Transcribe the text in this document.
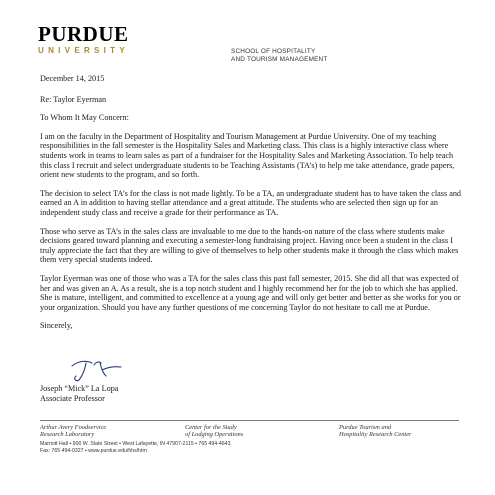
PURDUE
UNIVERSITY	SCHOOL OF HOSPITALITY
AND TOURISM MANAGEMENT

December 14, 2015

Re: Taylor Eyerman

To Whom It May Concern:

I am on the faculty in the Department of Hospitality and Tourism Management at Purdue University. One of my teaching responsibilities in the fall semester is the Hospitality Sales and Marketing class. This class is a highly interactive class where students work in teams to learn sales as part of a fundraiser for the Hospitality Sales and Marketing Association. To help teach this class I recruit and select undergraduate students to be Teaching Assistants (TA’s) to help me take attendance, grade papers, orient new students to the program, and so forth.

The decision to select TA’s for the class is not made lightly. To be a TA, an undergraduate student has to have taken the class and earned an A in addition to having stellar attendance and a great attitude. The students who are selected then sign up for an independent study class and receive a grade for their performance as TA.

Those who serve as TA’s in the sales class are invaluable to me due to the hands-on nature of the class where students make decisions geared toward planning and executing a semester-long fundraising project. Having once been a student in the class I truly appreciate the fact that they are willing to give of themselves to help other students make it through the class which makes them very special students indeed.

Taylor Eyerman was one of those who was a TA for the sales class this past fall semester, 2015. She did all that was expected of her and was given an A. As a result, she is a top notch student and I highly recommend her for the job to which she has applied. She is mature, intelligent, and committed to excellence at a young age and will only get better and better as she works for you or your organization. Should you have any further questions of me concerning Taylor do not hesitate to call me at Purdue.

Sincerely,

Joseph “Mick” La Lopa
Associate Professor
Arthur Avery Foodservice
Research Laboratory
Center for the Study
of Lodging Operations
Purdue Tourism and
Hospitality Research Center
Marriott Hall ▪ 900 W. State Street ▪ West Lafayette, IN 47907-2115 ▪ 765 494-4643
Fax: 765 494-0327 ▪ www.purdue.edu/hhs/htm
